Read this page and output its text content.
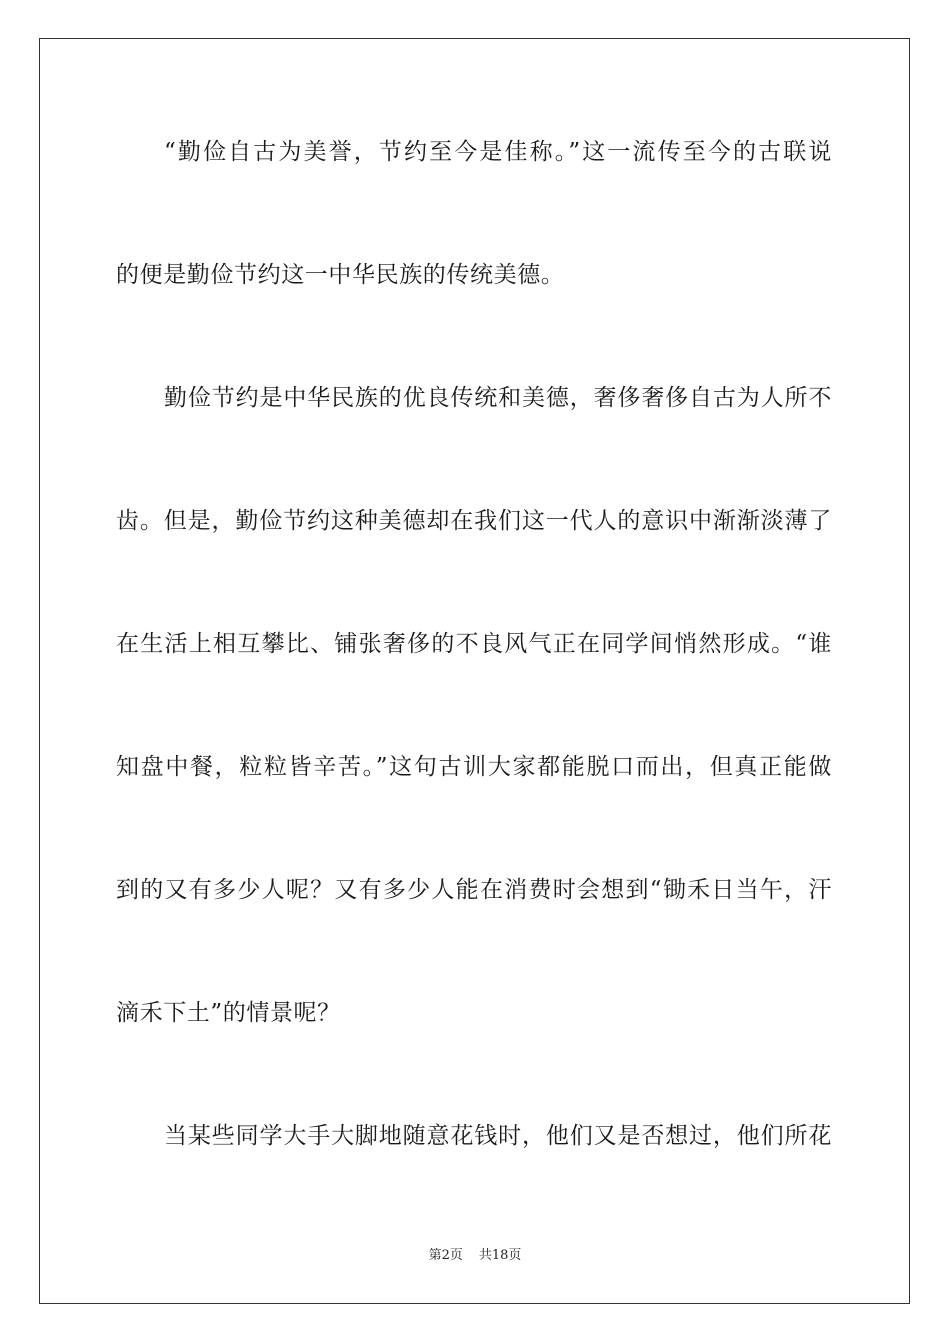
“勤俭自古为美誉，节约至今是佳称。”这一流传至今的古联说
的便是勤俭节约这一中华民族的传统美德。
勤俭节约是中华民族的优良传统和美德，奢侈奢侈自古为人所不
齿。但是，勤俭节约这种美德却在我们这一代人的意识中渐渐淡薄了
在生活上相互攀比、铺张奢侈的不良风气正在同学间悄然形成。“谁
知盘中餐，粒粒皆辛苦。”这句古训大家都能脱口而出，但真正能做
到的又有多少人呢？又有多少人能在消费时会想到“锄禾日当午，汗
滴禾下土”的情景呢？
当某些同学大手大脚地随意花钱时，他们又是否想过，他们所花
第2页 共18页
